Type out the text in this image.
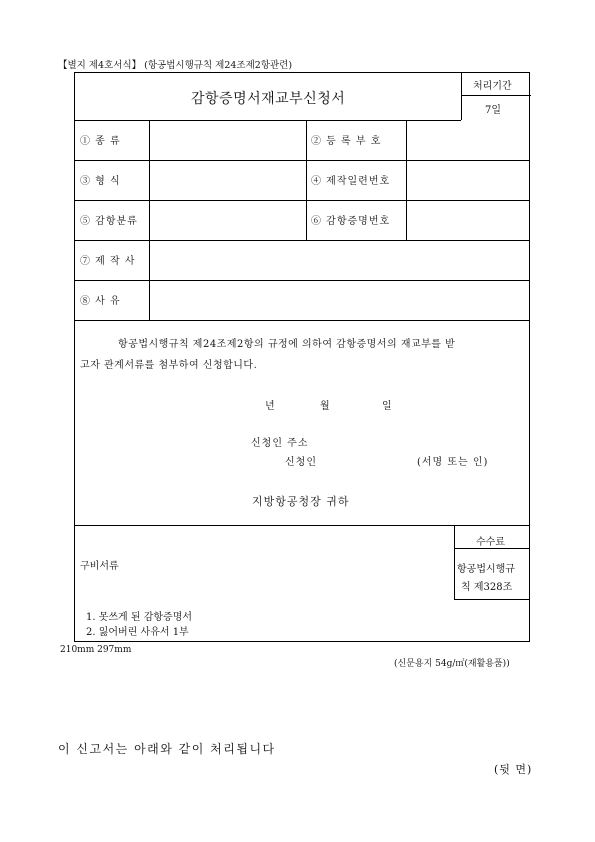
【별지 제4호서식】 (항공법시행규칙 제24조제2항관련)
감항증명서재교부신청서
처리기간
7일
① 종 류	② 등 록 부 호
③ 형 식	④ 제작일련번호
⑤ 감항분류	⑥ 감항증명번호
⑦ 제 작 사
⑧ 사 유
항공법시행규칙 제24조제2항의 규정에 의하여 감항증명서의 재교부를 받
고자 관계서류를 첨부하여 신청합니다.
년	월	일
신청인 주소
신청인	(서명 또는 인)
지방항공청장 귀하
구비서류
1. 못쓰게 된 감항증명서
2. 잃어버린 사유서 1부
수수료
항공법시행규
칙 제328조
210mm 297mm
(신문용지 54g/㎡(재활용품))
이 신고서는 아래와 같이 처리됩니다
(뒷 면)
